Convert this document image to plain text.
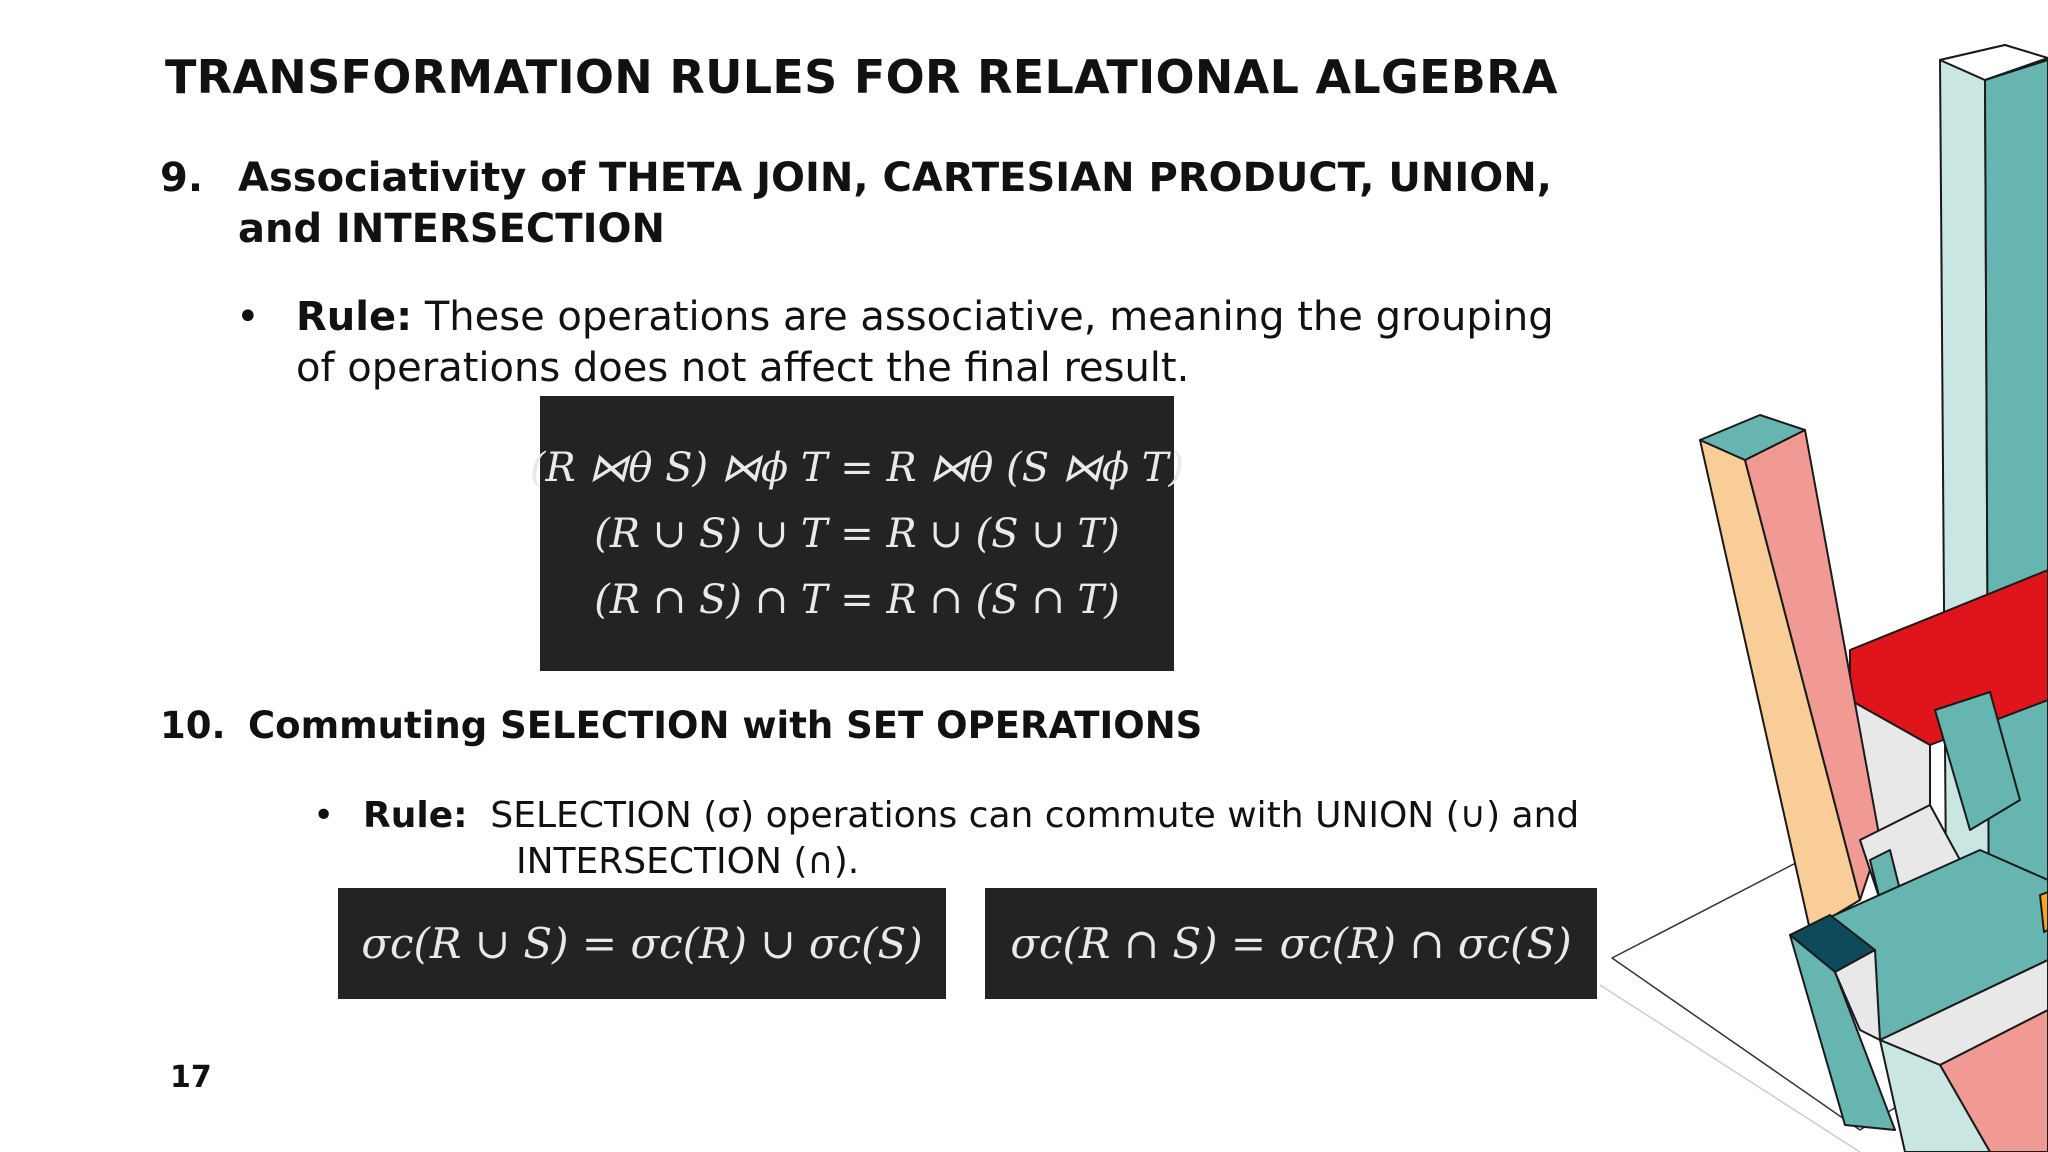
TRANSFORMATION RULES FOR RELATIONAL ALGEBRA
9. Associativity of THETA JOIN, CARTESIAN PRODUCT, UNION,
and INTERSECTION
• Rule: These operations are associative, meaning the grouping
of operations does not affect the final result.
(R ⋈θ S) ⋈ϕ T = R ⋈θ (S ⋈ϕ T)
(R ∪ S) ∪ T = R ∪ (S ∪ T)
(R ∩ S) ∩ T = R ∩ (S ∩ T)
10. Commuting SELECTION with SET OPERATIONS
• Rule:  SELECTION (σ) operations can commute with UNION (∪) and
INTERSECTION (∩).
σc(R ∪ S) = σc(R) ∪ σc(S) σc(R ∩ S) = σc(R) ∩ σc(S)
17
